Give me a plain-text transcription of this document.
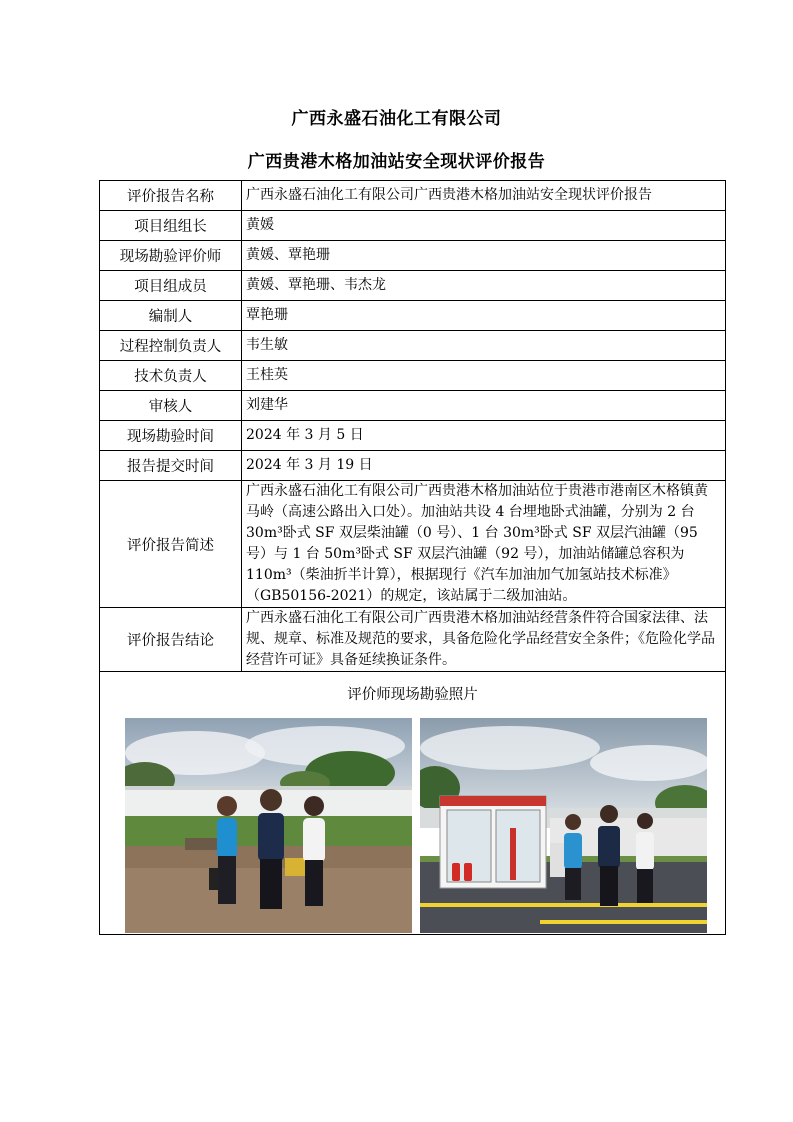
广西永盛石油化工有限公司
广西贵港木格加油站安全现状评价报告
评价报告名称	广西永盛石油化工有限公司广西贵港木格加油站安全现状评价报告
项目组组长	黄媛
现场勘验评价师	黄媛、覃艳珊
项目组成员	黄媛、覃艳珊、韦杰龙
编制人	覃艳珊
过程控制负责人	韦生敏
技术负责人	王桂英
审核人	刘建华
现场勘验时间	2024 年 3 月 5 日
报告提交时间	2024 年 3 月 19 日
评价报告简述	广西永盛石油化工有限公司广西贵港木格加油站位于贵港市港南区木格镇黄马岭（高速公路出入口处）。加油站共设 4 台埋地卧式油罐，分别为 2 台 30m³卧式 SF 双层柴油罐（0 号）、1 台 30m³卧式 SF 双层汽油罐（95 号）与 1 台 50m³卧式 SF 双层汽油罐（92 号），加油站储罐总容积为 110m³（柴油折半计算），根据现行《汽车加油加气加氢站技术标准》（GB50156-2021）的规定，该站属于二级加油站。
评价报告结论	广西永盛石油化工有限公司广西贵港木格加油站经营条件符合国家法律、法规、规章、标准及规范的要求，具备危险化学品经营安全条件；《危险化学品经营许可证》具备延续换证条件。

评价师现场勘验照片	
